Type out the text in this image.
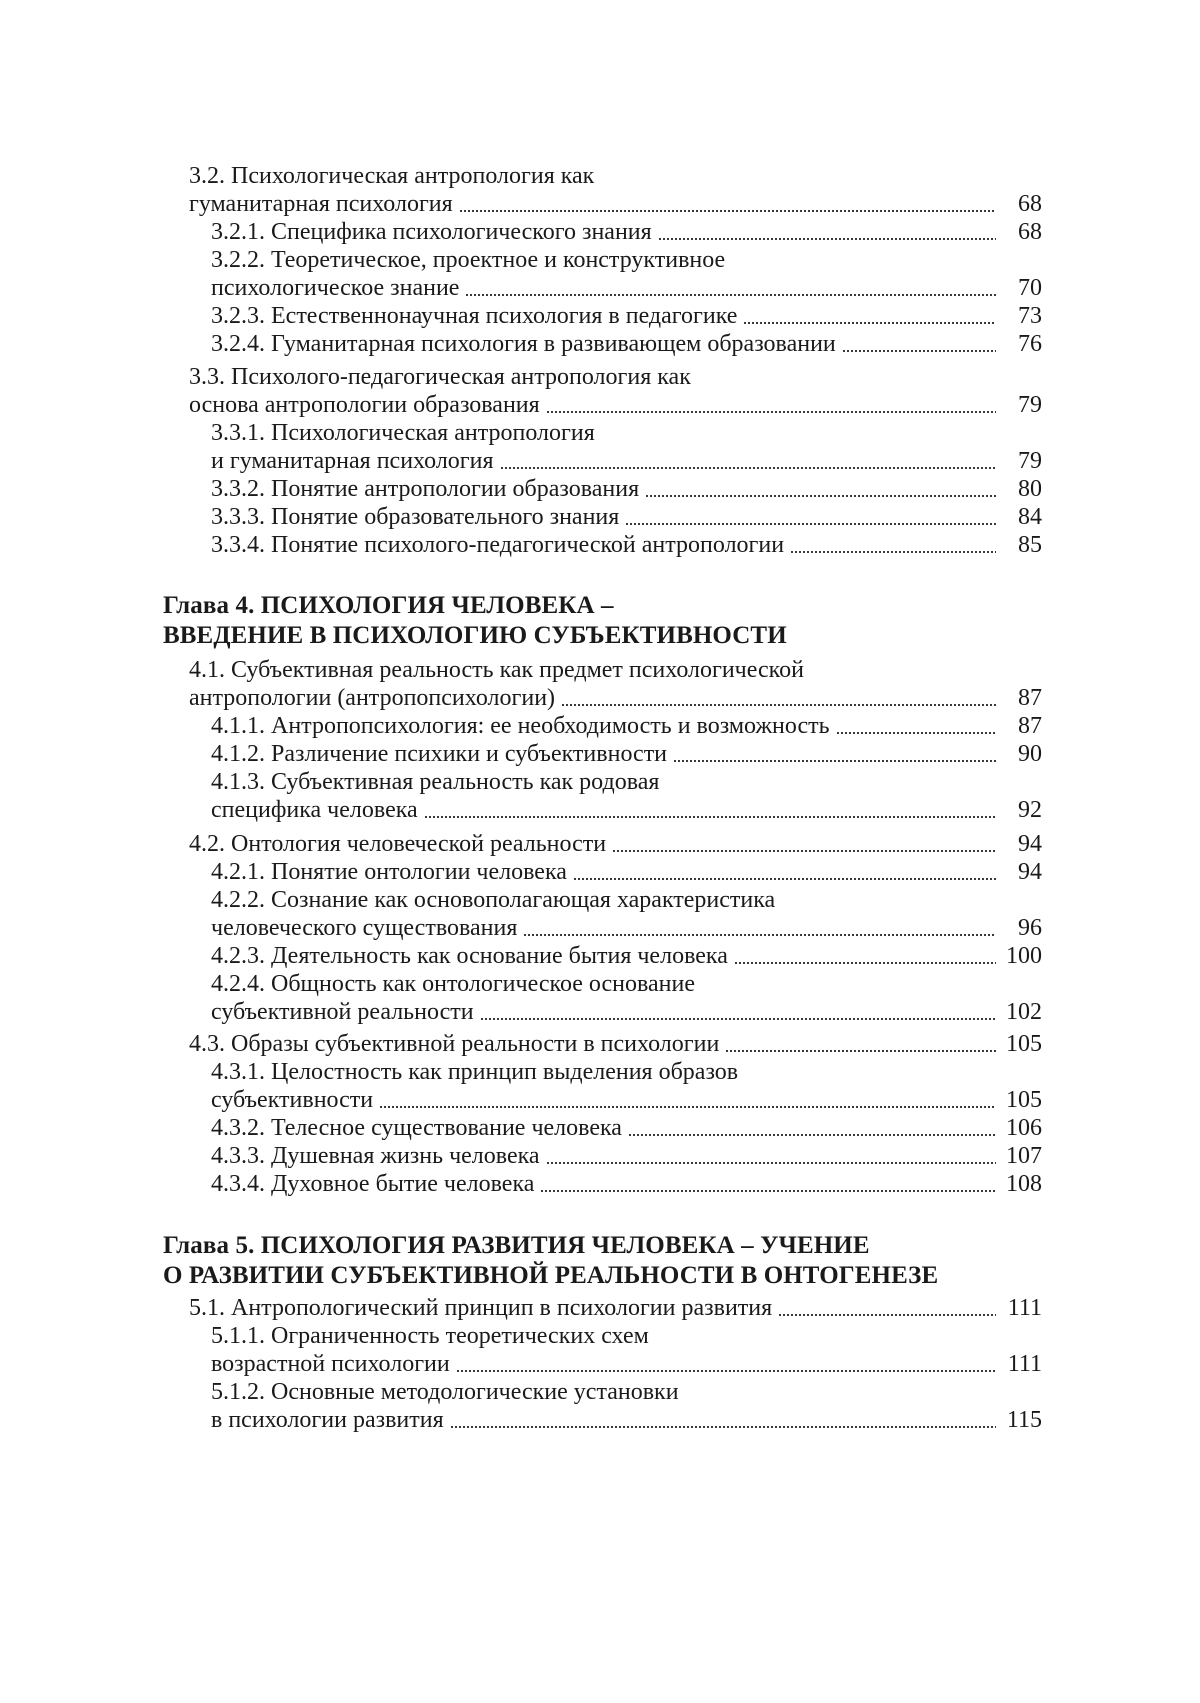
3.2. Психологическая антропология как
гуманитарная психология	68
3.2.1. Специфика психологического знания	68
3.2.2. Теоретическое, проектное и конструктивное
психологическое знание	70
3.2.3. Естественнонаучная психология в педагогике	73
3.2.4. Гуманитарная психология в развивающем образовании	76
3.3. Психолого-педагогическая антропология как
основа антропологии образования	79
3.3.1. Психологическая антропология
и гуманитарная психология	79
3.3.2. Понятие антропологии образования	80
3.3.3. Понятие образовательного знания	84
3.3.4. Понятие психолого-педагогической антропологии	85
Глава 4. ПСИХОЛОГИЯ ЧЕЛОВЕКА –
ВВЕДЕНИЕ В ПСИХОЛОГИЮ СУБЪЕКТИВНОСТИ
4.1. Субъективная реальность как предмет психологической
антропологии (антропопсихологии)	87
4.1.1. Антропопсихология: ее необходимость и возможность	87
4.1.2. Различение психики и субъективности	90
4.1.3. Субъективная реальность как родовая
специфика человека	92
4.2. Онтология человеческой реальности	94
4.2.1. Понятие онтологии человека	94
4.2.2. Сознание как основополагающая характеристика
человеческого существования	96
4.2.3. Деятельность как основание бытия человека	100
4.2.4. Общность как онтологическое основание
субъективной реальности	102
4.3. Образы субъективной реальности в психологии	105
4.3.1. Целостность как принцип выделения образов
субъективности	105
4.3.2. Телесное существование человека	106
4.3.3. Душевная жизнь человека	107
4.3.4. Духовное бытие человека	108
Глава 5. ПСИХОЛОГИЯ РАЗВИТИЯ ЧЕЛОВЕКА – УЧЕНИЕ
О РАЗВИТИИ СУБЪЕКТИВНОЙ РЕАЛЬНОСТИ В ОНТОГЕНЕЗЕ
5.1. Антропологический принцип в психологии развития	111
5.1.1. Ограниченность теоретических схем
возрастной психологии	111
5.1.2. Основные методологические установки
в психологии развития	115
